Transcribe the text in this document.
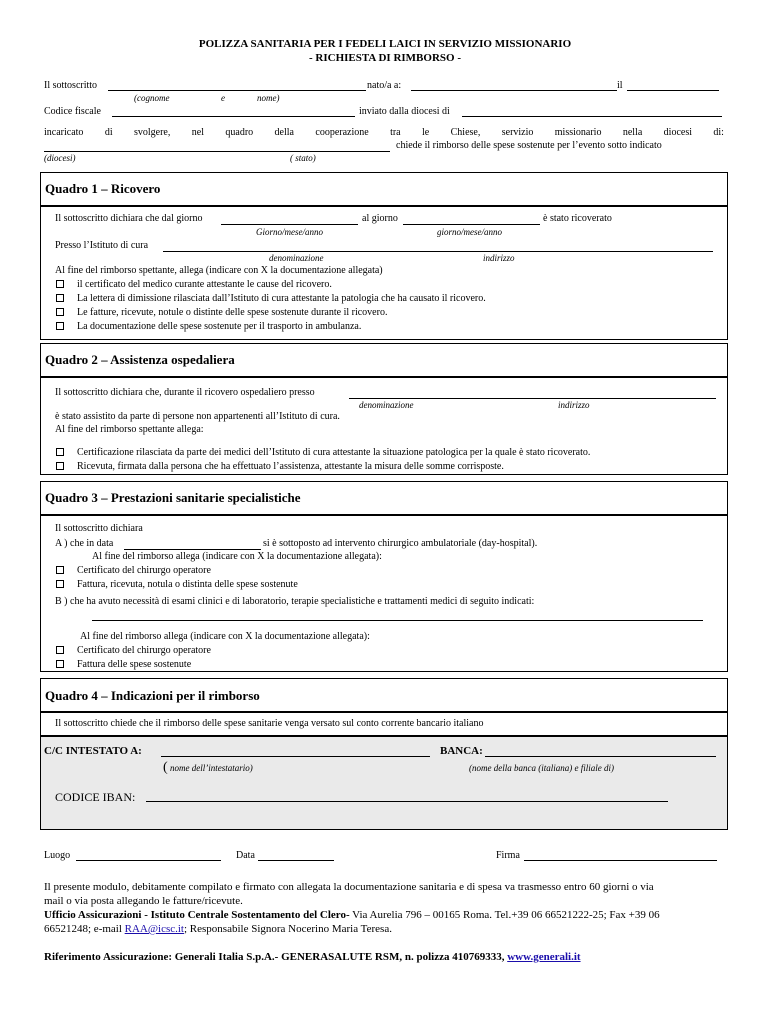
POLIZZA SANITARIA PER I FEDELI LAICI IN SERVIZIO MISSIONARIO
- RICHIESTA DI RIMBORSO -
Il sottoscritto	nato/a a:	il
(cognome	e	nome)
Codice fiscale	inviato dalla diocesi di
incaricato di svolgere, nel quadro della cooperazione tra le Chiese, servizio missionario nella diocesi di:
chiede il rimborso delle spese sostenute per l’evento sotto indicato
(diocesi)	( stato)
Quadro 1 – Ricovero
Il sottoscritto dichiara che dal giorno	al giorno	è stato ricoverato
Giorno/mese/anno	giorno/mese/anno
Presso l’Istituto di cura
denominazione	indirizzo
Al fine del rimborso spettante, allega (indicare con X la documentazione allegata)
il certificato del medico curante attestante le cause del ricovero.
La lettera di dimissione rilasciata dall’Istituto di cura attestante la patologia che ha causato il ricovero.
Le fatture, ricevute, notule o distinte delle spese sostenute durante il ricovero.
La documentazione delle spese sostenute per il trasporto in ambulanza.
Quadro 2 – Assistenza ospedaliera
Il sottoscritto dichiara che, durante il ricovero ospedaliero presso
denominazione	indirizzo
è stato assistito da parte di persone non appartenenti all’Istituto di cura.
Al fine del rimborso spettante allega:
Certificazione rilasciata da parte dei medici dell’Istituto di cura attestante la situazione patologica per la quale è stato ricoverato.
Ricevuta, firmata dalla persona che ha effettuato l’assistenza, attestante la misura delle somme corrisposte.
Quadro 3 – Prestazioni sanitarie specialistiche
Il sottoscritto dichiara
A ) che in data	si è sottoposto ad intervento chirurgico ambulatoriale (day-hospital).
Al fine del rimborso allega (indicare con X la documentazione allegata):
Certificato del chirurgo operatore
Fattura, ricevuta, notula o distinta delle spese sostenute
B ) che ha avuto necessità di esami clinici e di laboratorio, terapie specialistiche e trattamenti medici di seguito indicati:
Al fine del rimborso allega (indicare con X la documentazione allegata):
Certificato del chirurgo operatore
Fattura delle spese sostenute
Quadro 4 – Indicazioni per il rimborso
Il sottoscritto chiede che il rimborso delle spese sanitarie venga versato sul conto corrente bancario italiano
C/C INTESTATO A:	BANCA:
( nome dell’intestatario)	(nome della banca (italiana) e filiale di)
CODICE IBAN:
Luogo	Data	Firma
Il presente modulo, debitamente compilato e firmato con allegata la documentazione sanitaria e di spesa va trasmesso entro 60 giorni o via
mail o via posta allegando le fatture/ricevute.
Ufficio Assicurazioni - Istituto Centrale Sostentamento del Clero- Via Aurelia 796 – 00165 Roma. Tel.+39 06 66521222-25; Fax +39 06
66521248; e-mail RAA@icsc.it; Responsabile Signora Nocerino Maria Teresa.
Riferimento Assicurazione: Generali Italia S.p.A.- GENERASALUTE RSM, n. polizza 410769333, www.generali.it
